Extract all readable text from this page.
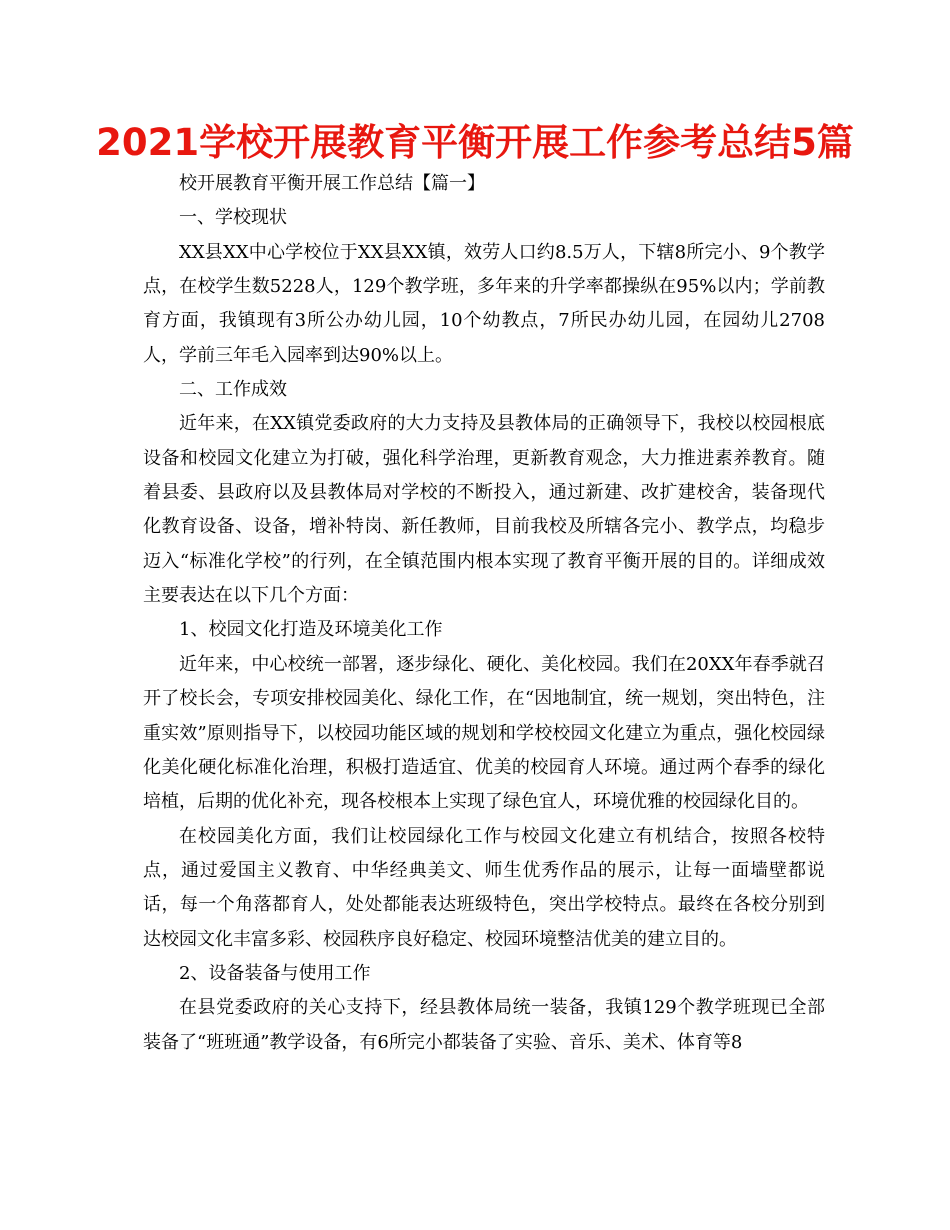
2021学校开展教育平衡开展工作参考总结5篇

校开展教育平衡开展工作总结【篇一】

一、学校现状

XX县XX中心学校位于XX县XX镇，效劳人口约8.5万人，下辖8所完小、9个教学点，在校学生数5228人，129个教学班，多年来的升学率都操纵在95%以内；学前教育方面，我镇现有3所公办幼儿园，10个幼教点，7所民办幼儿园，在园幼儿2708人，学前三年毛入园率到达90%以上。

二、工作成效

近年来，在XX镇党委政府的大力支持及县教体局的正确领导下，我校以校园根底设备和校园文化建立为打破，强化科学治理，更新教育观念，大力推进素养教育。随着县委、县政府以及县教体局对学校的不断投入，通过新建、改扩建校舍，装备现代化教育设备、设备，增补特岗、新任教师，目前我校及所辖各完小、教学点，均稳步迈入“标准化学校”的行列，在全镇范围内根本实现了教育平衡开展的目的。详细成效主要表达在以下几个方面：

1、校园文化打造及环境美化工作

近年来，中心校统一部署，逐步绿化、硬化、美化校园。我们在20XX年春季就召开了校长会，专项安排校园美化、绿化工作，在“因地制宜，统一规划，突出特色，注重实效”原则指导下，以校园功能区域的规划和学校校园文化建立为重点，强化校园绿化美化硬化标准化治理，积极打造适宜、优美的校园育人环境。通过两个春季的绿化培植，后期的优化补充，现各校根本上实现了绿色宜人，环境优雅的校园绿化目的。

在校园美化方面，我们让校园绿化工作与校园文化建立有机结合，按照各校特点，通过爱国主义教育、中华经典美文、师生优秀作品的展示，让每一面墙壁都说话，每一个角落都育人，处处都能表达班级特色，突出学校特点。最终在各校分别到达校园文化丰富多彩、校园秩序良好稳定、校园环境整洁优美的建立目的。

2、设备装备与使用工作

在县党委政府的关心支持下，经县教体局统一装备，我镇129个教学班现已全部装备了“班班通”教学设备，有6所完小都装备了实验、音乐、美术、体育等8
